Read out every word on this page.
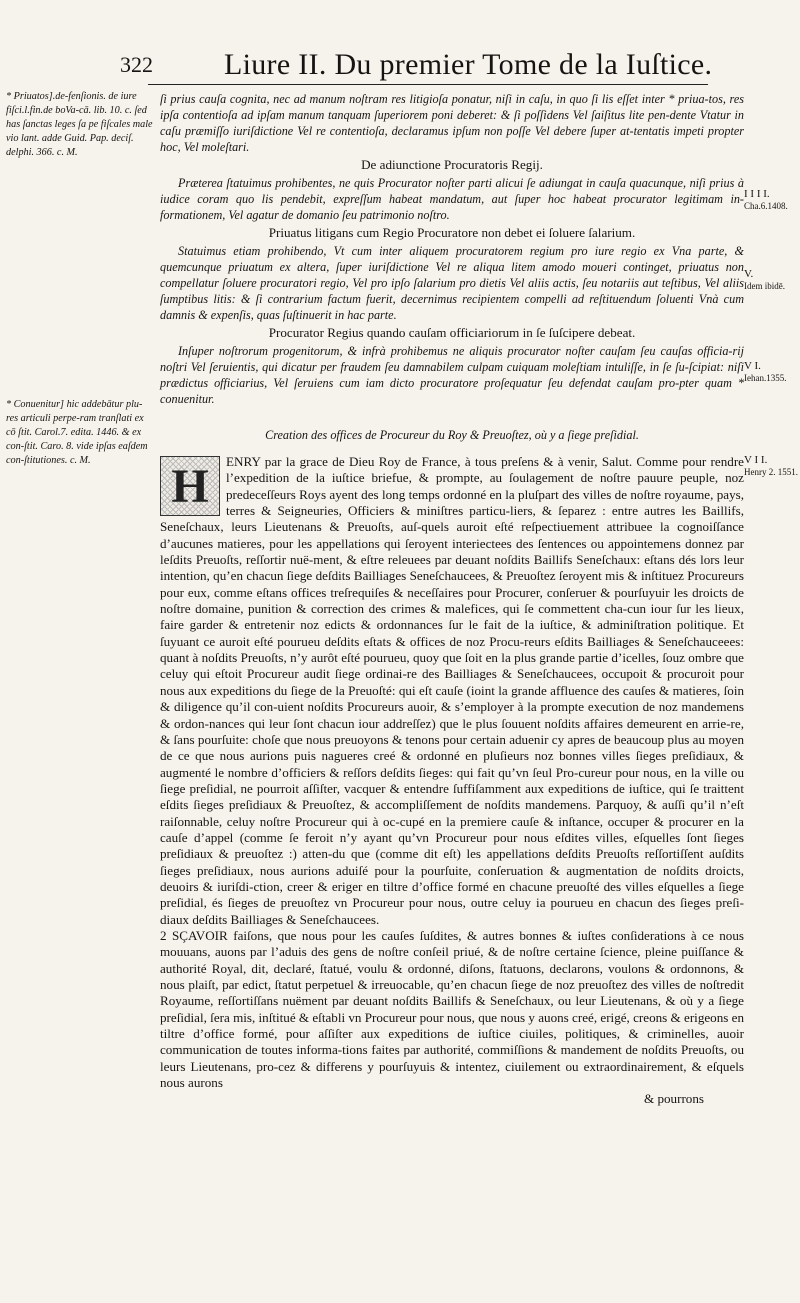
322 Liure II. Du premier Tome de la Iuſtice.
* Priuatos].de-fenſionis. de iure fiſci.l.fin.de boVa-cā. lib. 10. c. ſed has ſanctas leges ſa pe fiſcales male vio lant. adde Guid. Pap. deciſ. delphi. 366. c. M.
* Conuenitur] hic addebātur plu-res articuli perpe-ram tranſlati ex cō ſtit. Carol.7. edita. 1446. & ex con-ſtit. Caro. 8. vide ipſas eaſdem con-ſtitutiones. c. M.
I I I I.
Cha.6.1408.
V.
Idem ibidē.
V I.
Iehan.1355.
V I I.
Henry 2. 1551.

ſi prius cauſa cognita, nec ad manum noſtram res litigioſa ponatur, niſi in caſu, in quo ſi lis eſſet inter * priua-tos, res ipſa contentioſa ad ipſam manum tanquam ſuperiorem poni deberet: & ſi poſſidens Vel ſaiſitus lite pen-dente Vtatur in caſu præmiſſo iuriſdictione Vel re contentioſa, declaramus ipſum non poſſe Vel debere ſuper at-tentatis impeti propter hoc, Vel moleſtari.

De adiunctione Procuratoris Regij.

Præterea ſtatuimus prohibentes, ne quis Procurator noſter parti alicui ſe adiungat in cauſa quacunque, niſi prius à iudice coram quo lis pendebit, expreſſum habeat mandatum, aut ſuper hoc habeat procurator legitimam in-formationem, Vel agatur de domanio ſeu patrimonio noſtro.

Priuatus litigans cum Regio Procuratore non debet ei ſoluere ſalarium.

Statuimus etiam prohibendo, Vt cum inter aliquem procuratorem regium pro iure regio ex Vna parte, & quemcunque priuatum ex altera, ſuper iuriſdictione Vel re aliqua litem amodo moueri continget, priuatus non compellatur ſoluere procuratori regio, Vel pro ipſo ſalarium pro dietis Vel aliis actis, ſeu notariis aut teſtibus, Vel aliis ſumptibus litis: & ſi contrarium factum fuerit, decernimus recipientem compelli ad reſtituendum ſoluenti Vnà cum damnis & expenſis, quas ſuſtinuerit in hac parte.

Procurator Regius quando cauſam officiariorum in ſe ſuſcipere debeat.

Inſuper noſtrorum progenitorum, & infrà prohibemus ne aliquis procurator noſter cauſam ſeu cauſas officia-rij noſtri Vel ſeruientis, qui dicatur per fraudem ſeu damnabilem culpam cuiquam moleſtiam intuliſſe, in ſe ſu-ſcipiat: niſi prædictus officiarius, Vel ſeruiens cum iam dicto procuratore proſequatur ſeu defendat cauſam pro-pter quam * conuenitur.

Creation des offices de Procureur du Roy & Preuoſtez, où y a ſiege preſidial.

H	ENRY par la grace de Dieu Roy de France, à tous preſens & à venir, Salut. Comme pour rendre l’expedition de la iuſtice briefue, & prompte, au ſoulagement de noſtre pauure peuple, noz predeceſſeurs Roys ayent des long temps ordonné en la pluſpart des villes de noſtre royaume, pays, terres & Seigneuries, Officiers & miniſtres particu-liers, & ſeparez : entre autres les Baillifs, Seneſchaux, leurs Lieutenans & Preuoſts, auſ-quels auroit eſté reſpectiuement attribuee la cognoiſſance d’aucunes matieres, pour les appellations qui ſeroyent interiectees des ſentences ou appointemens donnez par leſdits Preuoſts, reſſortir nuë-ment, & eſtre releuees par deuant noſdits Baillifs Seneſchaux: eſtans dés lors leur intention, qu’en chacun ſiege deſdits Bailliages Seneſchaucees, & Preuoſtez ſeroyent mis & inſtituez Procureurs pour eux, comme eſtans offices treſrequiſes & neceſſaires pour Procurer, conſeruer & pourſuyuir les droicts de noſtre domaine, punition & correction des crimes & malefices, qui ſe commettent cha-cun iour ſur les lieux, faire garder & entretenir noz edicts & ordonnances ſur le fait de la iuſtice, & adminiſtration politique. Et ſuyuant ce auroit eſté pourueu deſdits eſtats & offices de noz Procu-reurs eſdits Bailliages & Seneſchauceees: quant à noſdits Preuoſts, n’y aurôt eſté pourueu, quoy que ſoit en la plus grande partie d’icelles, ſouz ombre que celuy qui eſtoit Procureur audit ſiege ordinai-re des Bailliages & Seneſchaucees, occupoit & procuroit pour nous aux expeditions du ſiege de la Preuoſté: qui eſt cauſe (ioint la grande affluence des cauſes & matieres, ſoin & diligence qu’il con-uient noſdits Procureurs auoir, & s’employer à la prompte execution de noz mandemens & ordon-nances qui leur ſont chacun iour addreſſez) que le plus ſouuent noſdits affaires demeurent en arrie-re, & ſans pourſuite: choſe que nous preuoyons & tenons pour certain aduenir cy apres de beaucoup plus au moyen de ce que nous aurions puis nagueres creé & ordonné en pluſieurs noz bonnes villes ſieges preſidiaux, & augmenté le nombre d’officiers & reſſors deſdits ſieges: qui fait qu’vn ſeul Pro-cureur pour nous, en la ville ou ſiege preſidial, ne pourroit aſſiſter, vacquer & entendre ſuffiſamment aux expeditions de iuſtice, qui ſe traittent eſdits ſieges preſidiaux & Preuoſtez, & accompliſſement de noſdits mandemens. Parquoy, & auſſi qu’il n’eſt raiſonnable, celuy noſtre Procureur qui à oc-cupé en la premiere cauſe & inſtance, occuper & procurer en la cauſe d’appel (comme ſe feroit n’y ayant qu’vn Procureur pour nous eſdites villes, eſquelles ſont ſieges preſidiaux & preuoſtez :) atten-du que (comme dit eſt) les appellations deſdits Preuoſts reſſortiſſent auſdits ſieges preſidiaux, nous aurions aduiſé pour la pourſuite, conſeruation & augmentation de noſdits droicts, deuoirs & iuriſdi-ction, creer & eriger en tiltre d’office formé en chacune preuoſté des villes eſquelles a ſiege preſidial, és ſieges de preuoſtez vn Procureur pour nous, outre celuy ia pourueu en chacun des ſieges preſi-diaux deſdits Bailliages & Seneſchaucees.

2 SÇAVOIR faiſons, que nous pour les cauſes ſuſdites, & autres bonnes & iuſtes conſiderations à ce nous mouuans, auons par l’aduis des gens de noſtre conſeil priué, & de noſtre certaine ſcience, pleine puiſſance & authorité Royal, dit, declaré, ſtatué, voulu & ordonné, diſons, ſtatuons, declarons, voulons & ordonnons, & nous plaiſt, par edict, ſtatut perpetuel & irreuocable, qu’en chacun ſiege de noz preuoſtez des villes de noſtredit Royaume, reſſortiſſans nuëment par deuant noſdits Baillifs & Seneſchaux, ou leur Lieutenans, & où y a ſiege preſidial, ſera mis, inſtitué & eſtabli vn Procureur pour nous, que nous y auons creé, erigé, creons & erigeons en tiltre d’office formé, pour aſſiſter aux expeditions de iuſtice ciuiles, politiques, & criminelles, auoir communication de toutes informa-tions faites par authorité, commiſſions & mandement de noſdits Preuoſts, ou leurs Lieutenans, pro-cez & differens y pourſuyuis & intentez, ciuilement ou extraordinairement, & eſquels nous aurons

& pourrons
